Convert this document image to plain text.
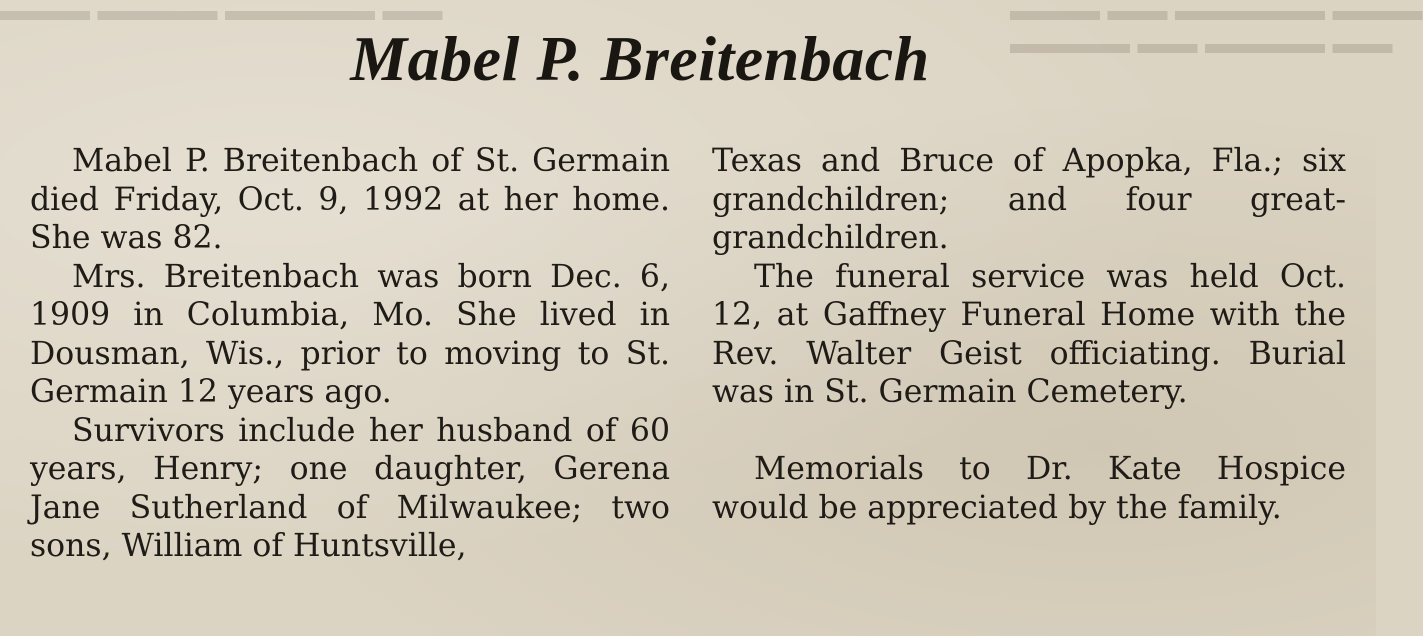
▬▬▬ ▬▬▬▬ ▬▬▬▬▬ ▬▬	▬▬▬ ▬▬ ▬▬▬▬▬ ▬▬▬
▬▬▬▬ ▬▬ ▬▬▬▬ ▬▬
Mabel P. Breitenbach

Mabel P. Breitenbach of St. Germain died Friday, Oct. 9, 1992 at her home. She was 82.

Mrs. Breitenbach was born Dec. 6, 1909 in Columbia, Mo. She lived in Dousman, Wis., prior to moving to St. Germain 12 years ago.

Survivors include her husband of 60 years, Henry; one daughter, Gerena Jane Sutherland of Milwaukee; two sons, William of Huntsville,

Texas and Bruce of Apopka, Fla.; six grandchildren; and four great-grandchildren.

The funeral service was held Oct. 12, at Gaffney Funeral Home with the Rev. Walter Geist officiating. Burial was in St. Germain Cemetery.

Memorials to Dr. Kate Hospice would be appreciated by the family.
